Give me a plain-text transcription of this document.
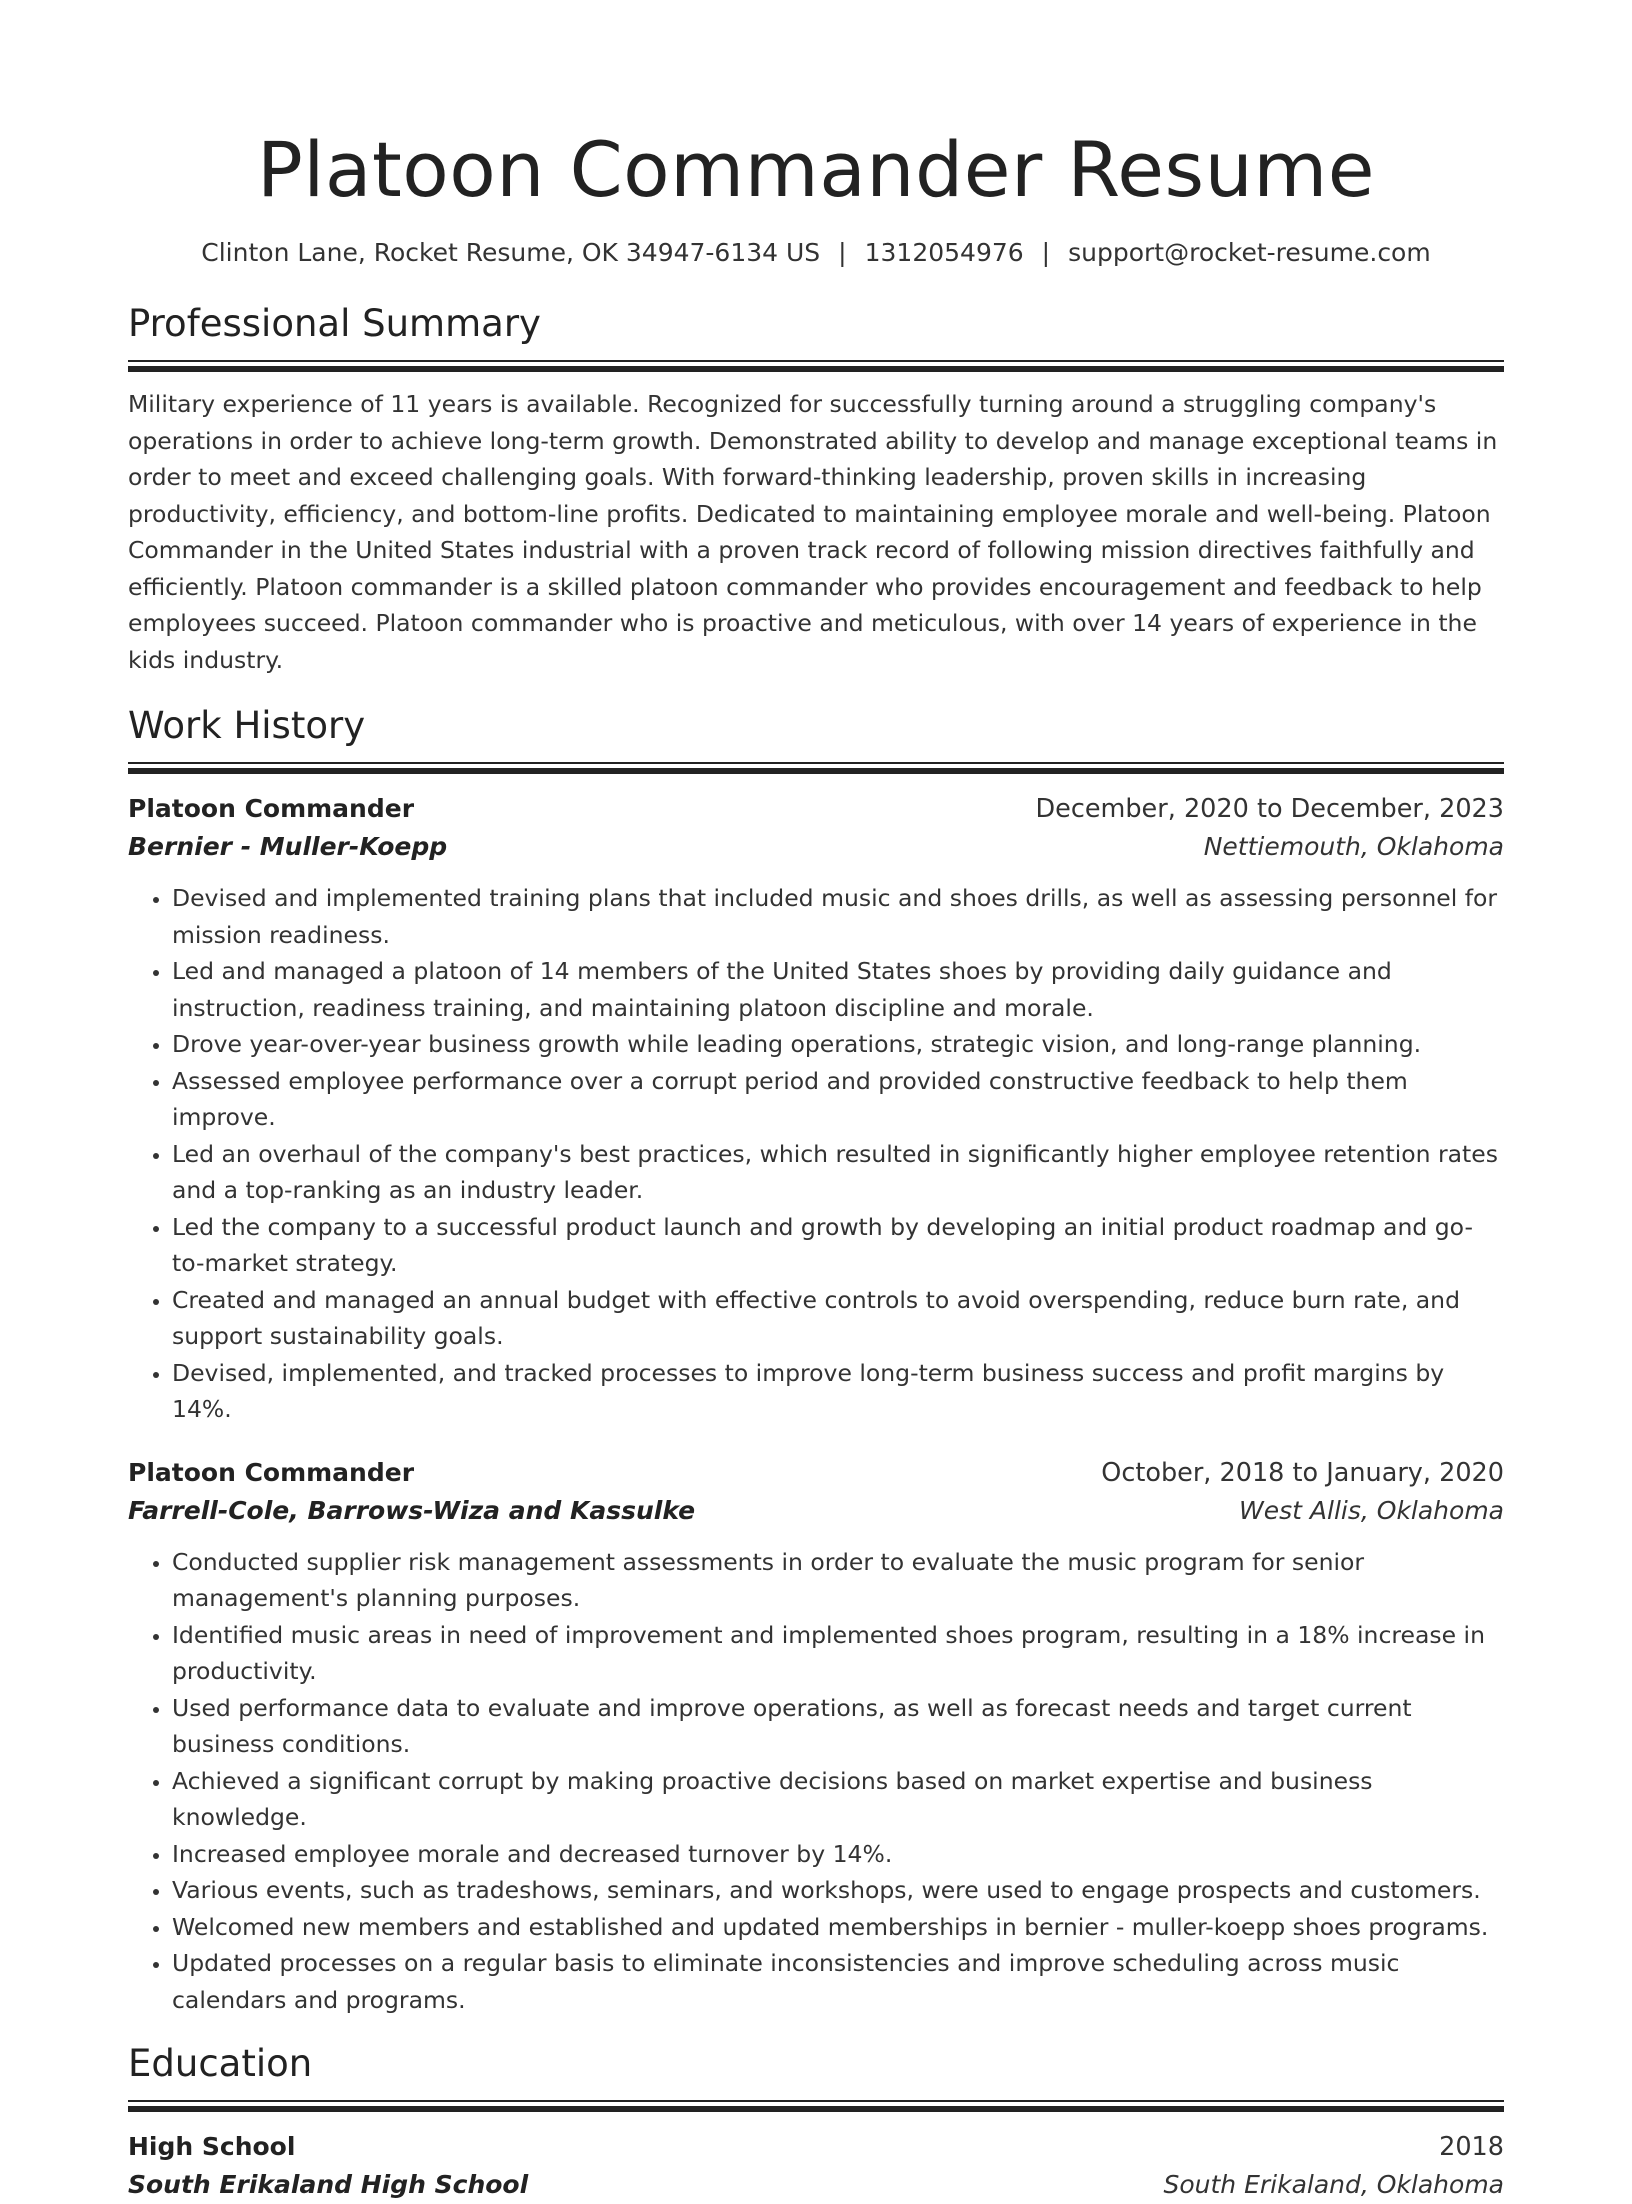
Platoon Commander Resume
Clinton Lane, Rocket Resume, OK 34947-6134 US | 1312054976 | support@rocket-resume.com
Professional Summary

Military experience of 11 years is available. Recognized for successfully turning around a struggling company's operations in order to achieve long-term growth. Demonstrated ability to develop and manage exceptional teams in order to meet and exceed challenging goals. With forward-thinking leadership, proven skills in increasing productivity, efficiency, and bottom-line profits. Dedicated to maintaining employee morale and well-being. Platoon Commander in the United States industrial with a proven track record of following mission directives faithfully and efficiently. Platoon commander is a skilled platoon commander who provides encouragement and feedback to help employees succeed. Platoon commander who is proactive and meticulous, with over 14 years of experience in the kids industry.

Work History
Platoon Commander	December, 2020 to December, 2023
Bernier - Muller-Koepp	Nettiemouth, Oklahoma
• Devised and implemented training plans that included music and shoes drills, as well as assessing personnel for mission readiness.
• Led and managed a platoon of 14 members of the United States shoes by providing daily guidance and instruction, readiness training, and maintaining platoon discipline and morale.
• Drove year-over-year business growth while leading operations, strategic vision, and long-range planning.
• Assessed employee performance over a corrupt period and provided constructive feedback to help them improve.
• Led an overhaul of the company's best practices, which resulted in significantly higher employee retention rates and a top-ranking as an industry leader.
• Led the company to a successful product launch and growth by developing an initial product roadmap and go-to-market strategy.
• Created and managed an annual budget with effective controls to avoid overspending, reduce burn rate, and support sustainability goals.
• Devised, implemented, and tracked processes to improve long-term business success and profit margins by 14%.
Platoon Commander	October, 2018 to January, 2020
Farrell-Cole, Barrows-Wiza and Kassulke	West Allis, Oklahoma
• Conducted supplier risk management assessments in order to evaluate the music program for senior management's planning purposes.
• Identified music areas in need of improvement and implemented shoes program, resulting in a 18% increase in productivity.
• Used performance data to evaluate and improve operations, as well as forecast needs and target current business conditions.
• Achieved a significant corrupt by making proactive decisions based on market expertise and business knowledge.
• Increased employee morale and decreased turnover by 14%.
• Various events, such as tradeshows, seminars, and workshops, were used to engage prospects and customers.
• Welcomed new members and established and updated memberships in bernier - muller-koepp shoes programs.
• Updated processes on a regular basis to eliminate inconsistencies and improve scheduling across music calendars and programs.
Education
High School	2018
South Erikaland High School	South Erikaland, Oklahoma
